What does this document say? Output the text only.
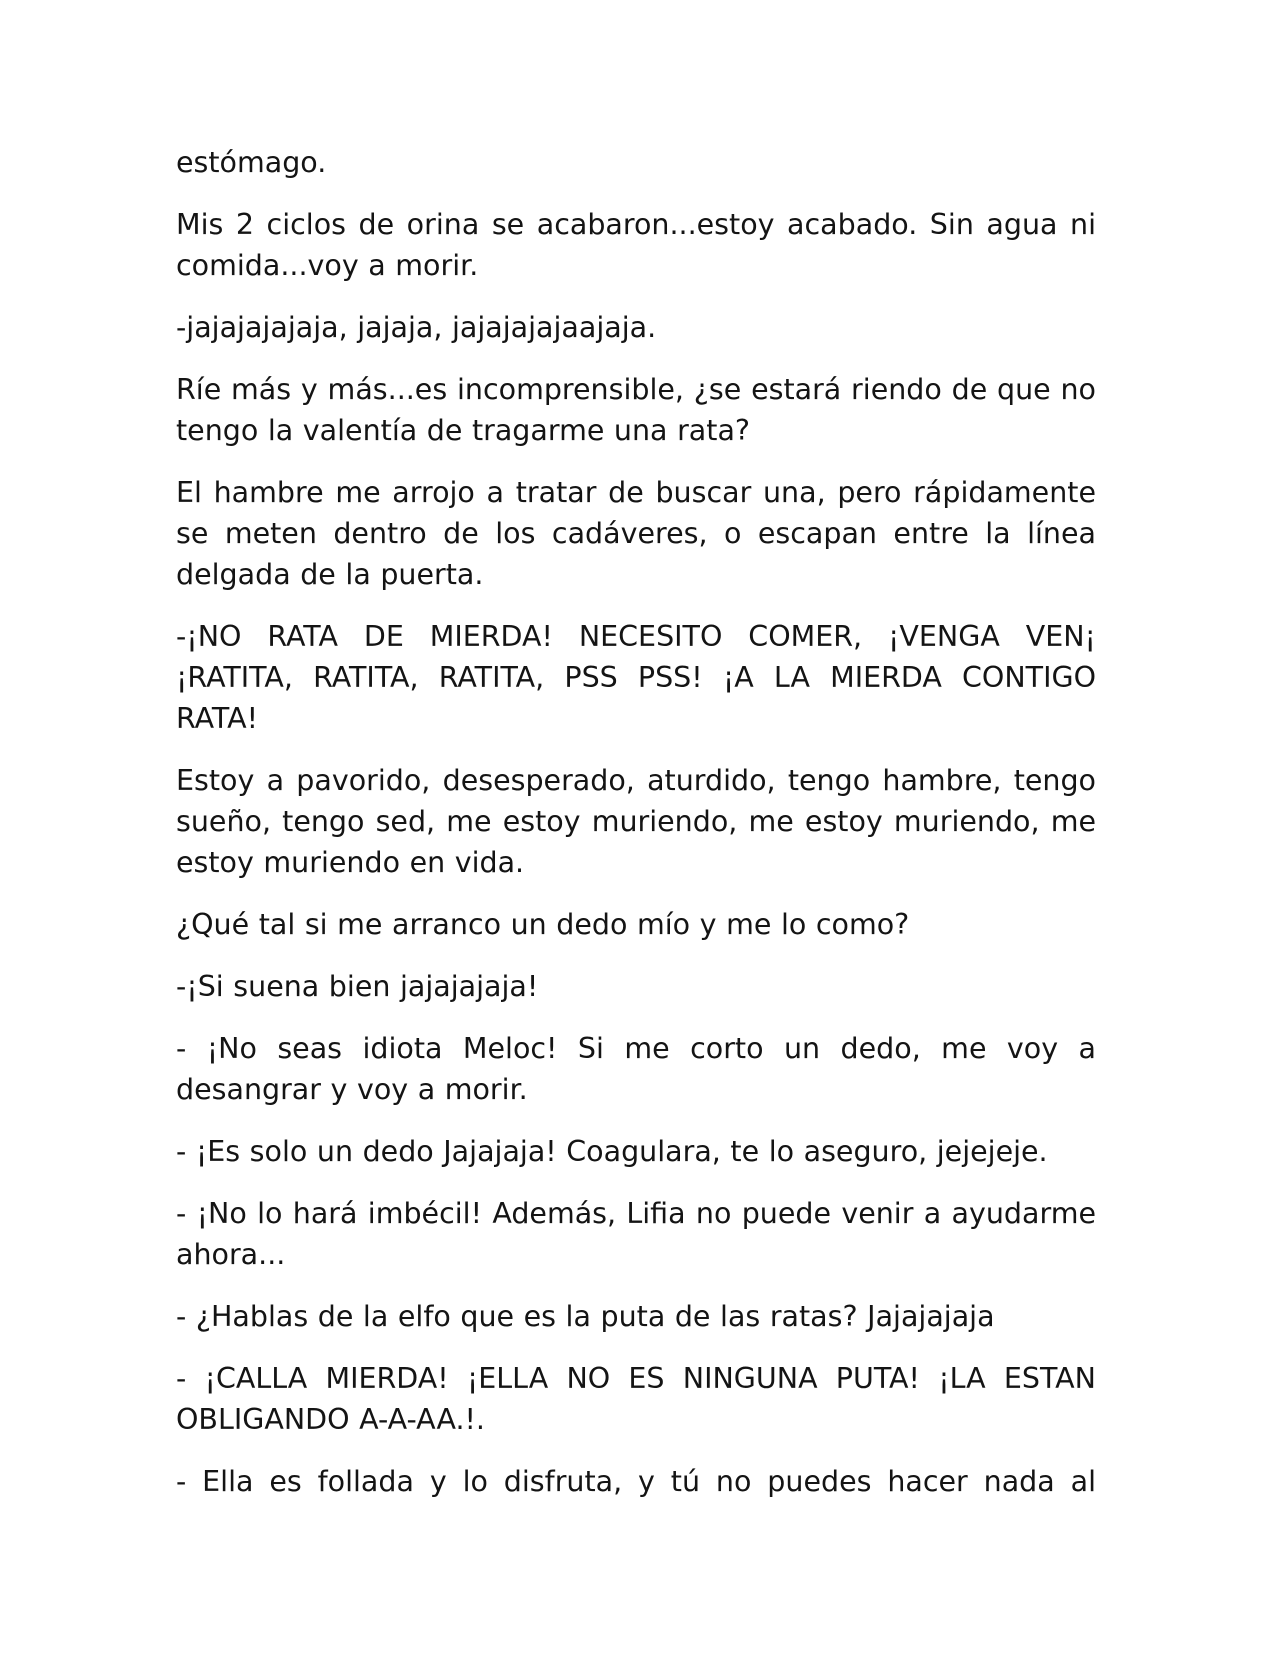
estómago.

Mis 2 ciclos de orina se acabaron...estoy acabado. Sin agua ni comida...voy a morir.

-jajajajajaja, jajaja, jajajajajaajaja.

Ríe más y más...es incomprensible, ¿se estará riendo de que no tengo la valentía de tragarme una rata?

El hambre me arrojo a tratar de buscar una, pero rápidamente se meten dentro de los cadáveres, o escapan entre la línea delgada de la puerta.

-¡NO RATA DE MIERDA! NECESITO COMER, ¡VENGA VEN¡ ¡RATITA, RATITA, RATITA, PSS PSS! ¡A LA MIERDA CONTIGO RATA!

Estoy a pavorido, desesperado, aturdido, tengo hambre, tengo sueño, tengo sed, me estoy muriendo, me estoy muriendo, me estoy muriendo en vida.

¿Qué tal si me arranco un dedo mío y me lo como?

-¡Si suena bien jajajajaja!

- ¡No seas idiota Meloc! Si me corto un dedo, me voy a desangrar y voy a morir.

- ¡Es solo un dedo Jajajaja! Coagulara, te lo aseguro, jejejeje.

- ¡No lo hará imbécil! Además, Lifia no puede venir a ayudarme ahora...

- ¿Hablas de la elfo que es la puta de las ratas? Jajajajaja

- ¡CALLA MIERDA! ¡ELLA NO ES NINGUNA PUTA! ¡LA ESTAN OBLIGANDO A-A-AA.!.

- Ella es follada y lo disfruta, y tú no puedes hacer nada al
